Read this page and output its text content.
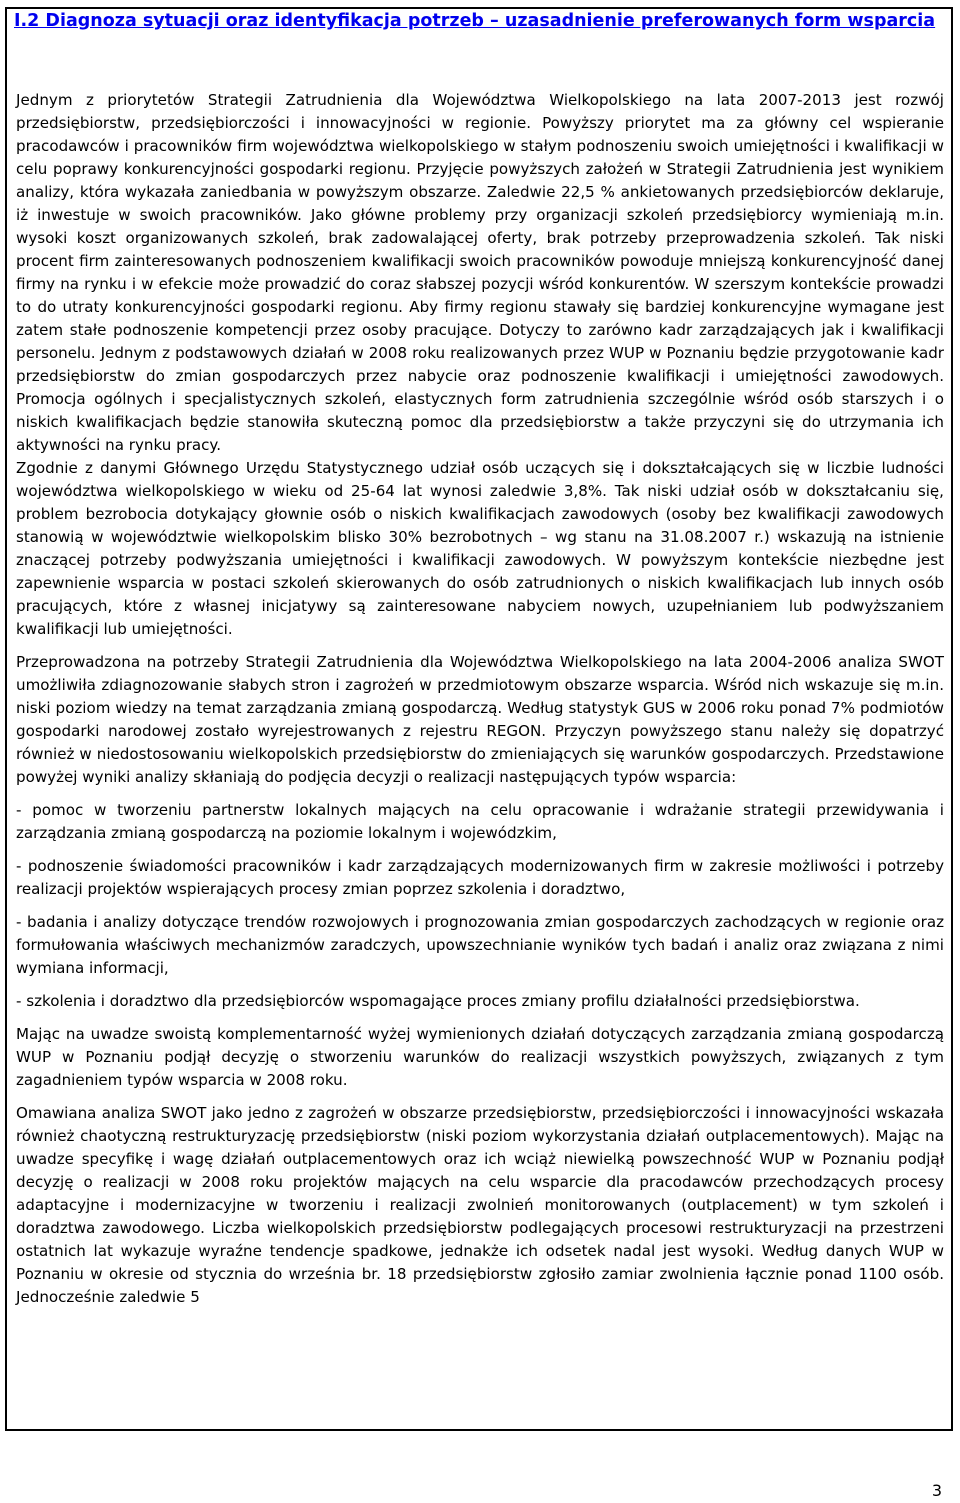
I.2 Diagnoza sytuacji oraz identyfikacja potrzeb – uzasadnienie preferowanych form wsparcia

Jednym z priorytetów Strategii Zatrudnienia dla Województwa Wielkopolskiego na lata 2007-2013 jest rozwój przedsiębiorstw, przedsiębiorczości i innowacyjności w regionie. Powyższy priorytet ma za główny cel wspieranie pracodawców i pracowników firm województwa wielkopolskiego w stałym podnoszeniu swoich umiejętności i kwalifikacji w celu poprawy konkurencyjności gospodarki regionu. Przyjęcie powyższych założeń w Strategii Zatrudnienia jest wynikiem analizy, która wykazała zaniedbania w powyższym obszarze. Zaledwie 22,5 % ankietowanych przedsiębiorców deklaruje, iż inwestuje w swoich pracowników. Jako główne problemy przy organizacji szkoleń przedsiębiorcy wymieniają m.in. wysoki koszt organizowanych szkoleń, brak zadowalającej oferty, brak potrzeby przeprowadzenia szkoleń. Tak niski procent firm zainteresowanych podnoszeniem kwalifikacji swoich pracowników powoduje mniejszą konkurencyjność danej firmy na rynku i w efekcie może prowadzić do coraz słabszej pozycji wśród konkurentów. W szerszym kontekście prowadzi to do utraty konkurencyjności gospodarki regionu. Aby firmy regionu stawały się bardziej konkurencyjne wymagane jest zatem stałe podnoszenie kompetencji przez osoby pracujące. Dotyczy to zarówno kadr zarządzających jak i kwalifikacji personelu. Jednym z podstawowych działań w 2008 roku realizowanych przez WUP w Poznaniu będzie przygotowanie kadr przedsiębiorstw do zmian gospodarczych przez nabycie oraz podnoszenie kwalifikacji i umiejętności zawodowych. Promocja ogólnych i specjalistycznych szkoleń, elastycznych form zatrudnienia szczególnie wśród osób starszych i o niskich kwalifikacjach będzie stanowiła skuteczną pomoc dla przedsiębiorstw a także przyczyni się do utrzymania ich aktywności na rynku pracy.

Zgodnie z danymi Głównego Urzędu Statystycznego udział osób uczących się i dokształcających się w liczbie ludności województwa wielkopolskiego w wieku od 25-64 lat wynosi zaledwie 3,8%. Tak niski udział osób w dokształcaniu się, problem bezrobocia dotykający głownie osób o niskich kwalifikacjach zawodowych (osoby bez kwalifikacji zawodowych stanowią w województwie wielkopolskim blisko 30% bezrobotnych – wg stanu na 31.08.2007 r.) wskazują na istnienie znaczącej potrzeby podwyższania umiejętności i kwalifikacji zawodowych. W powyższym kontekście niezbędne jest zapewnienie wsparcia w postaci szkoleń skierowanych do osób zatrudnionych o niskich kwalifikacjach lub innych osób pracujących, które z własnej inicjatywy są zainteresowane nabyciem nowych, uzupełnianiem lub podwyższaniem kwalifikacji lub umiejętności.

Przeprowadzona na potrzeby Strategii Zatrudnienia dla Województwa Wielkopolskiego na lata 2004-2006 analiza SWOT umożliwiła zdiagnozowanie słabych stron i zagrożeń w przedmiotowym obszarze wsparcia. Wśród nich wskazuje się m.in. niski poziom wiedzy na temat zarządzania zmianą gospodarczą. Według statystyk GUS w 2006 roku ponad 7% podmiotów gospodarki narodowej zostało wyrejestrowanych z rejestru REGON. Przyczyn powyższego stanu należy się dopatrzyć również w niedostosowaniu wielkopolskich przedsiębiorstw do zmieniających się warunków gospodarczych. Przedstawione powyżej wyniki analizy skłaniają do podjęcia decyzji o realizacji następujących typów wsparcia:

- pomoc w tworzeniu partnerstw lokalnych mających na celu opracowanie i wdrażanie strategii przewidywania i zarządzania zmianą gospodarczą na poziomie lokalnym i wojewódzkim,

- podnoszenie świadomości pracowników i kadr zarządzających modernizowanych firm w zakresie możliwości i potrzeby realizacji projektów wspierających procesy zmian poprzez szkolenia i doradztwo,

- badania i analizy dotyczące trendów rozwojowych i prognozowania zmian gospodarczych zachodzących w regionie oraz formułowania właściwych mechanizmów zaradczych, upowszechnianie wyników tych badań i analiz oraz związana z nimi wymiana informacji,

- szkolenia i doradztwo dla przedsiębiorców wspomagające proces zmiany profilu działalności przedsiębiorstwa.

Mając na uwadze swoistą komplementarność wyżej wymienionych działań dotyczących zarządzania zmianą gospodarczą WUP w Poznaniu podjął decyzję o stworzeniu warunków do realizacji wszystkich powyższych, związanych z tym zagadnieniem typów wsparcia w 2008 roku.

Omawiana analiza SWOT jako jedno z zagrożeń w obszarze przedsiębiorstw, przedsiębiorczości i innowacyjności wskazała również chaotyczną restrukturyzację przedsiębiorstw (niski poziom wykorzystania działań outplacementowych). Mając na uwadze specyfikę i wagę działań outplacementowych oraz ich wciąż niewielką powszechność WUP w Poznaniu podjął decyzję o realizacji w 2008 roku projektów mających na celu wsparcie dla pracodawców przechodzących procesy adaptacyjne i modernizacyjne w tworzeniu i realizacji zwolnień monitorowanych (outplacement) w tym szkoleń i doradztwa zawodowego. Liczba wielkopolskich przedsiębiorstw podlegających procesowi restrukturyzacji na przestrzeni ostatnich lat wykazuje wyraźne tendencje spadkowe, jednakże ich odsetek nadal jest wysoki. Według danych WUP w Poznaniu w okresie od stycznia do września br. 18 przedsiębiorstw zgłosiło zamiar zwolnienia łącznie ponad 1100 osób. Jednocześnie zaledwie 5

3
